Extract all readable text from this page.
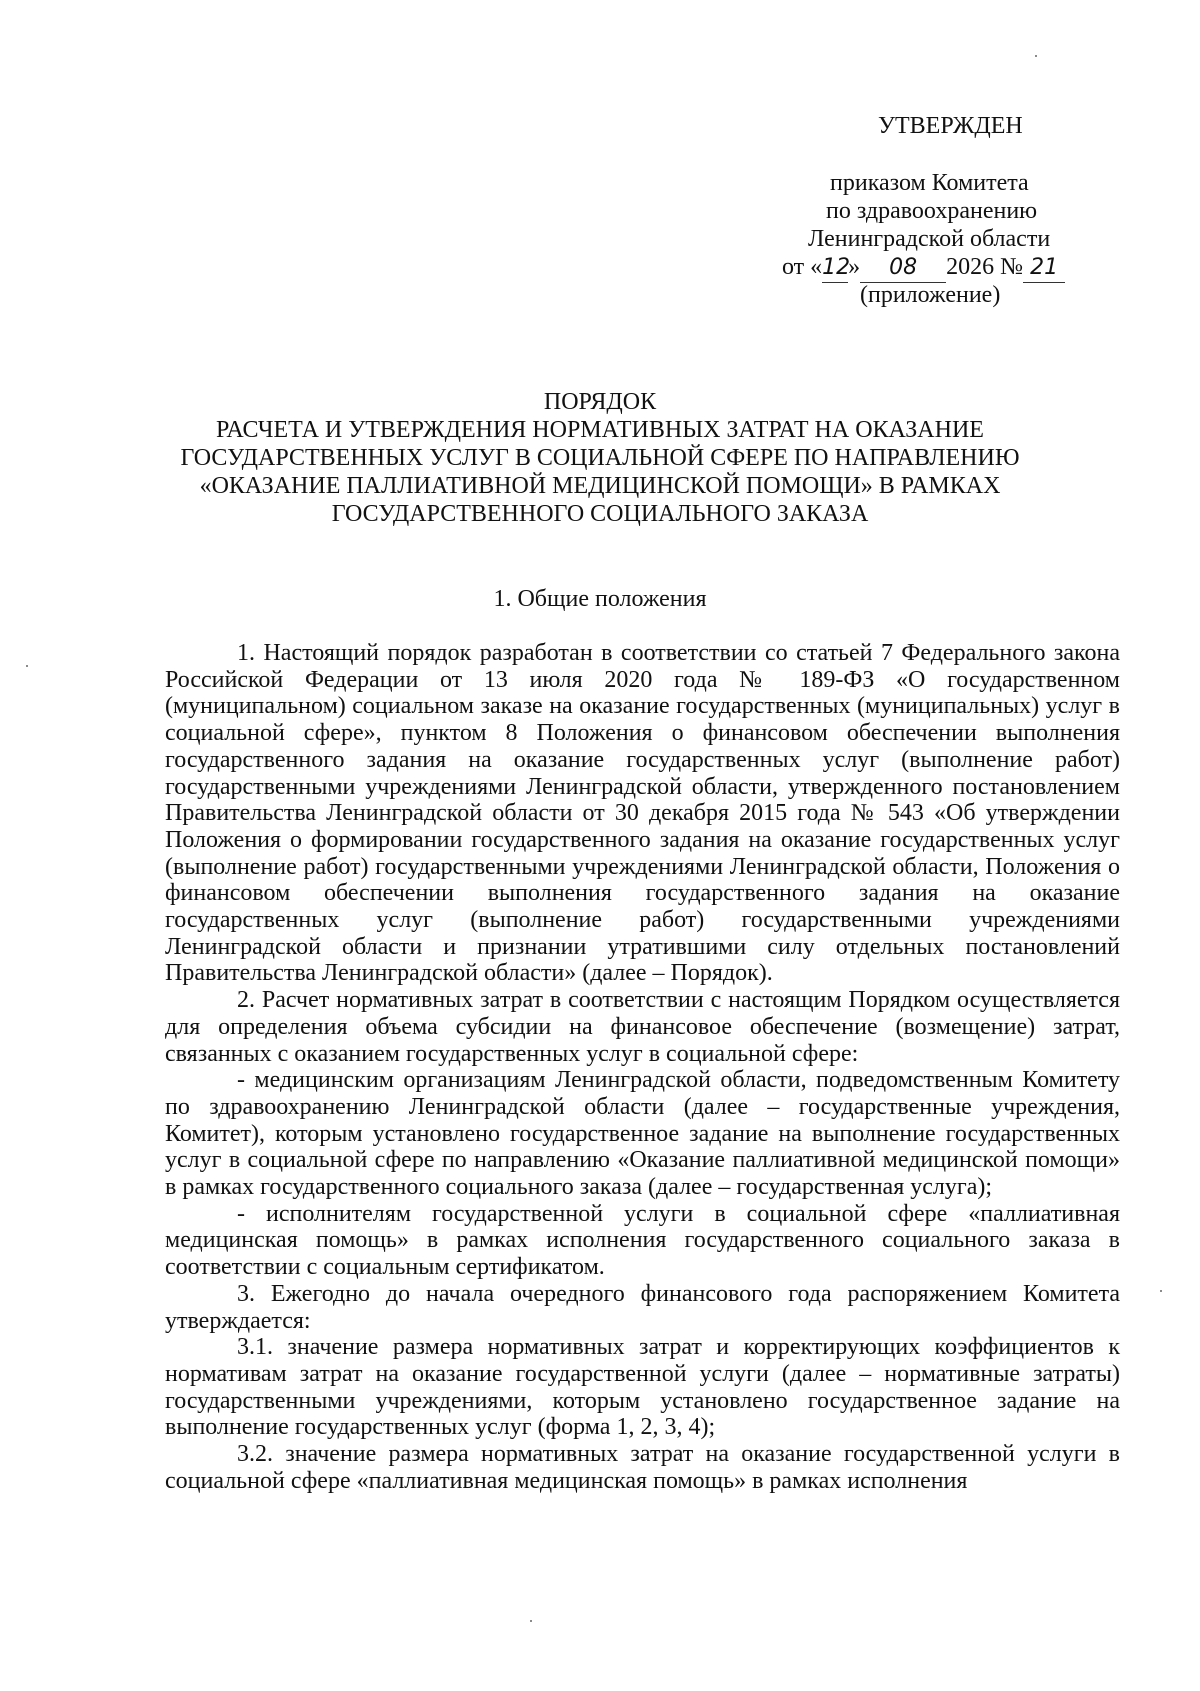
УТВЕРЖДЕН
приказом Комитета
по здравоохранению
Ленинградской области
от «12» 08 2026 № 21
(приложение)
ПОРЯДОК
РАСЧЕТА И УТВЕРЖДЕНИЯ НОРМАТИВНЫХ ЗАТРАТ НА ОКАЗАНИЕ
ГОСУДАРСТВЕННЫХ УСЛУГ В СОЦИАЛЬНОЙ СФЕРЕ ПО НАПРАВЛЕНИЮ
«ОКАЗАНИЕ ПАЛЛИАТИВНОЙ МЕДИЦИНСКОЙ ПОМОЩИ» В РАМКАХ
ГОСУДАРСТВЕННОГО СОЦИАЛЬНОГО ЗАКАЗА
1. Общие положения

1. Настоящий порядок разработан в соответствии со статьей 7 Федерального закона Российской Федерации от 13 июля 2020 года № 189-ФЗ «О государственном (муниципальном) социальном заказе на оказание государственных (муниципальных) услуг в социальной сфере», пунктом 8 Положения о финансовом обеспечении выполнения государственного задания на оказание государственных услуг (выполнение работ) государственными учреждениями Ленинградской области, утвержденного постановлением Правительства Ленинградской области от 30 декабря 2015 года № 543 «Об утверждении Положения о формировании государственного задания на оказание государственных услуг (выполнение работ) государственными учреждениями Ленинградской области, Положения о финансовом обеспечении выполнения государственного задания на оказание государственных услуг (выполнение работ) государственными учреждениями Ленинградской области и признании утратившими силу отдельных постановлений Правительства Ленинградской области» (далее – Порядок).

2. Расчет нормативных затрат в соответствии с настоящим Порядком осуществляется для определения объема субсидии на финансовое обеспечение (возмещение) затрат, связанных с оказанием государственных услуг в социальной сфере:

- медицинским организациям Ленинградской области, подведомственным Комитету по здравоохранению Ленинградской области (далее – государственные учреждения, Комитет), которым установлено государственное задание на выполнение государственных услуг в социальной сфере по направлению «Оказание паллиативной медицинской помощи» в рамках государственного социального заказа (далее – государственная услуга);

- исполнителям государственной услуги в социальной сфере «паллиативная медицинская помощь» в рамках исполнения государственного социального заказа в соответствии с социальным сертификатом.

3. Ежегодно до начала очередного финансового года распоряжением Комитета утверждается:

3.1. значение размера нормативных затрат и корректирующих коэффициентов к нормативам затрат на оказание государственной услуги (далее – нормативные затраты) государственными учреждениями, которым установлено государственное задание на выполнение государственных услуг (форма 1, 2, 3, 4);

3.2. значение размера нормативных затрат на оказание государственной услуги в социальной сфере «паллиативная медицинская помощь» в рамках исполнения
